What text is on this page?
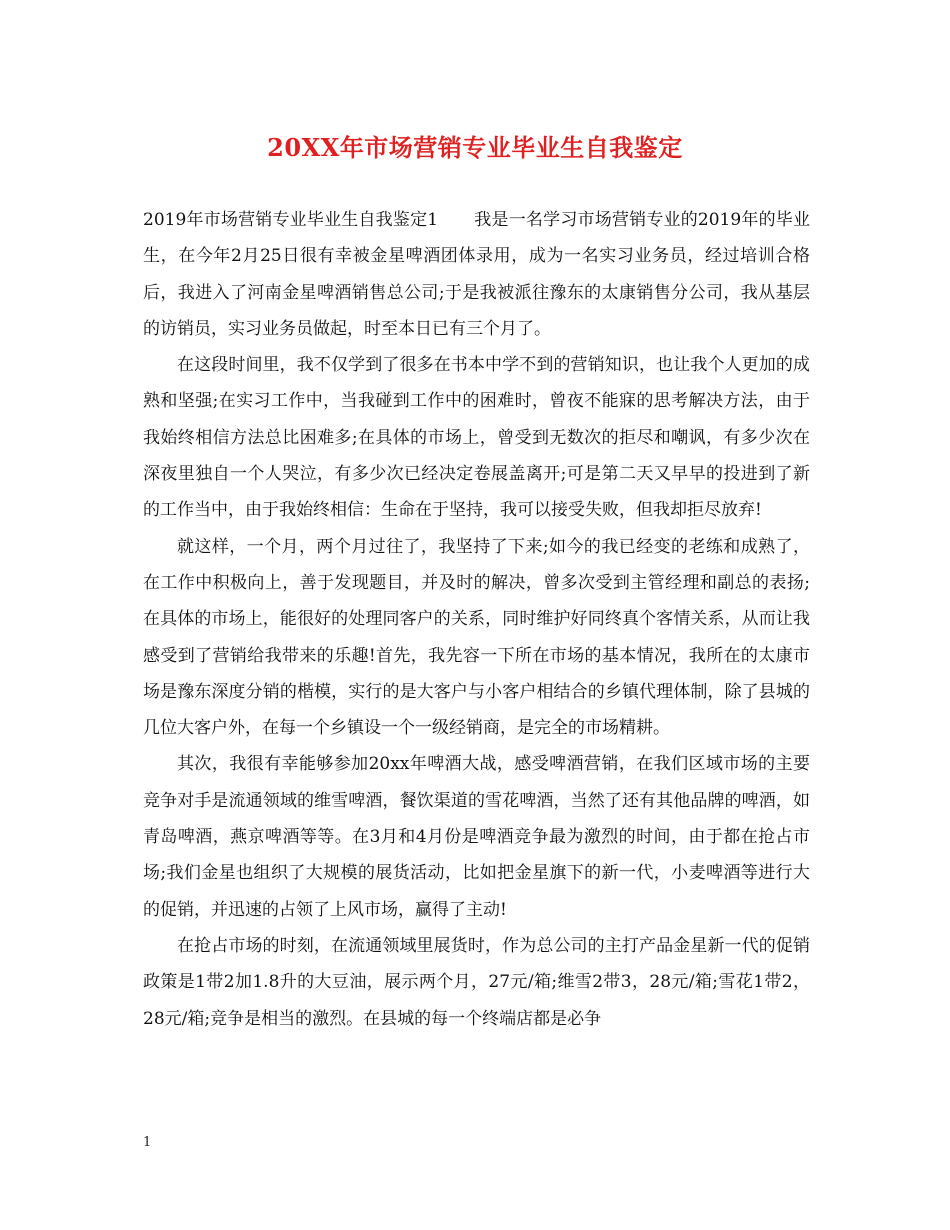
20XX年市场营销专业毕业生自我鉴定

2019年市场营销专业毕业生自我鉴定1 我是一名学习市场营销专业的2019年的毕业生，在今年2月25日很有幸被金星啤酒团体录用，成为一名实习业务员，经过培训合格后，我进入了河南金星啤酒销售总公司;于是我被派往豫东的太康销售分公司，我从基层的访销员，实习业务员做起，时至本日已有三个月了。

在这段时间里，我不仅学到了很多在书本中学不到的营销知识，也让我个人更加的成熟和坚强;在实习工作中，当我碰到工作中的困难时，曾夜不能寐的思考解决方法，由于我始终相信方法总比困难多;在具体的市场上，曾受到无数次的拒尽和嘲讽，有多少次在深夜里独自一个人哭泣，有多少次已经决定卷展盖离开;可是第二天又早早的投进到了新的工作当中，由于我始终相信：生命在于坚持，我可以接受失败，但我却拒尽放弃!

就这样，一个月，两个月过往了，我坚持了下来;如今的我已经变的老练和成熟了，在工作中积极向上，善于发现题目，并及时的解决，曾多次受到主管经理和副总的表扬;在具体的市场上，能很好的处理同客户的关系，同时维护好同终真个客情关系，从而让我感受到了营销给我带来的乐趣!首先，我先容一下所在市场的基本情况，我所在的太康市场是豫东深度分销的楷模，实行的是大客户与小客户相结合的乡镇代理体制，除了县城的几位大客户外，在每一个乡镇设一个一级经销商，是完全的市场精耕。

其次，我很有幸能够参加20xx年啤酒大战，感受啤酒营销，在我们区域市场的主要竞争对手是流通领域的维雪啤酒，餐饮渠道的雪花啤酒，当然了还有其他品牌的啤酒，如青岛啤酒，燕京啤酒等等。在3月和4月份是啤酒竞争最为激烈的时间，由于都在抢占市场;我们金星也组织了大规模的展货活动，比如把金星旗下的新一代，小麦啤酒等进行大的促销，并迅速的占领了上风市场，赢得了主动!

在抢占市场的时刻，在流通领域里展货时，作为总公司的主打产品金星新一代的促销政策是1带2加1.8升的大豆油，展示两个月，27元/箱;维雪2带3，28元/箱;雪花1带2，28元/箱;竞争是相当的激烈。在县城的每一个终端店都是必争

1
